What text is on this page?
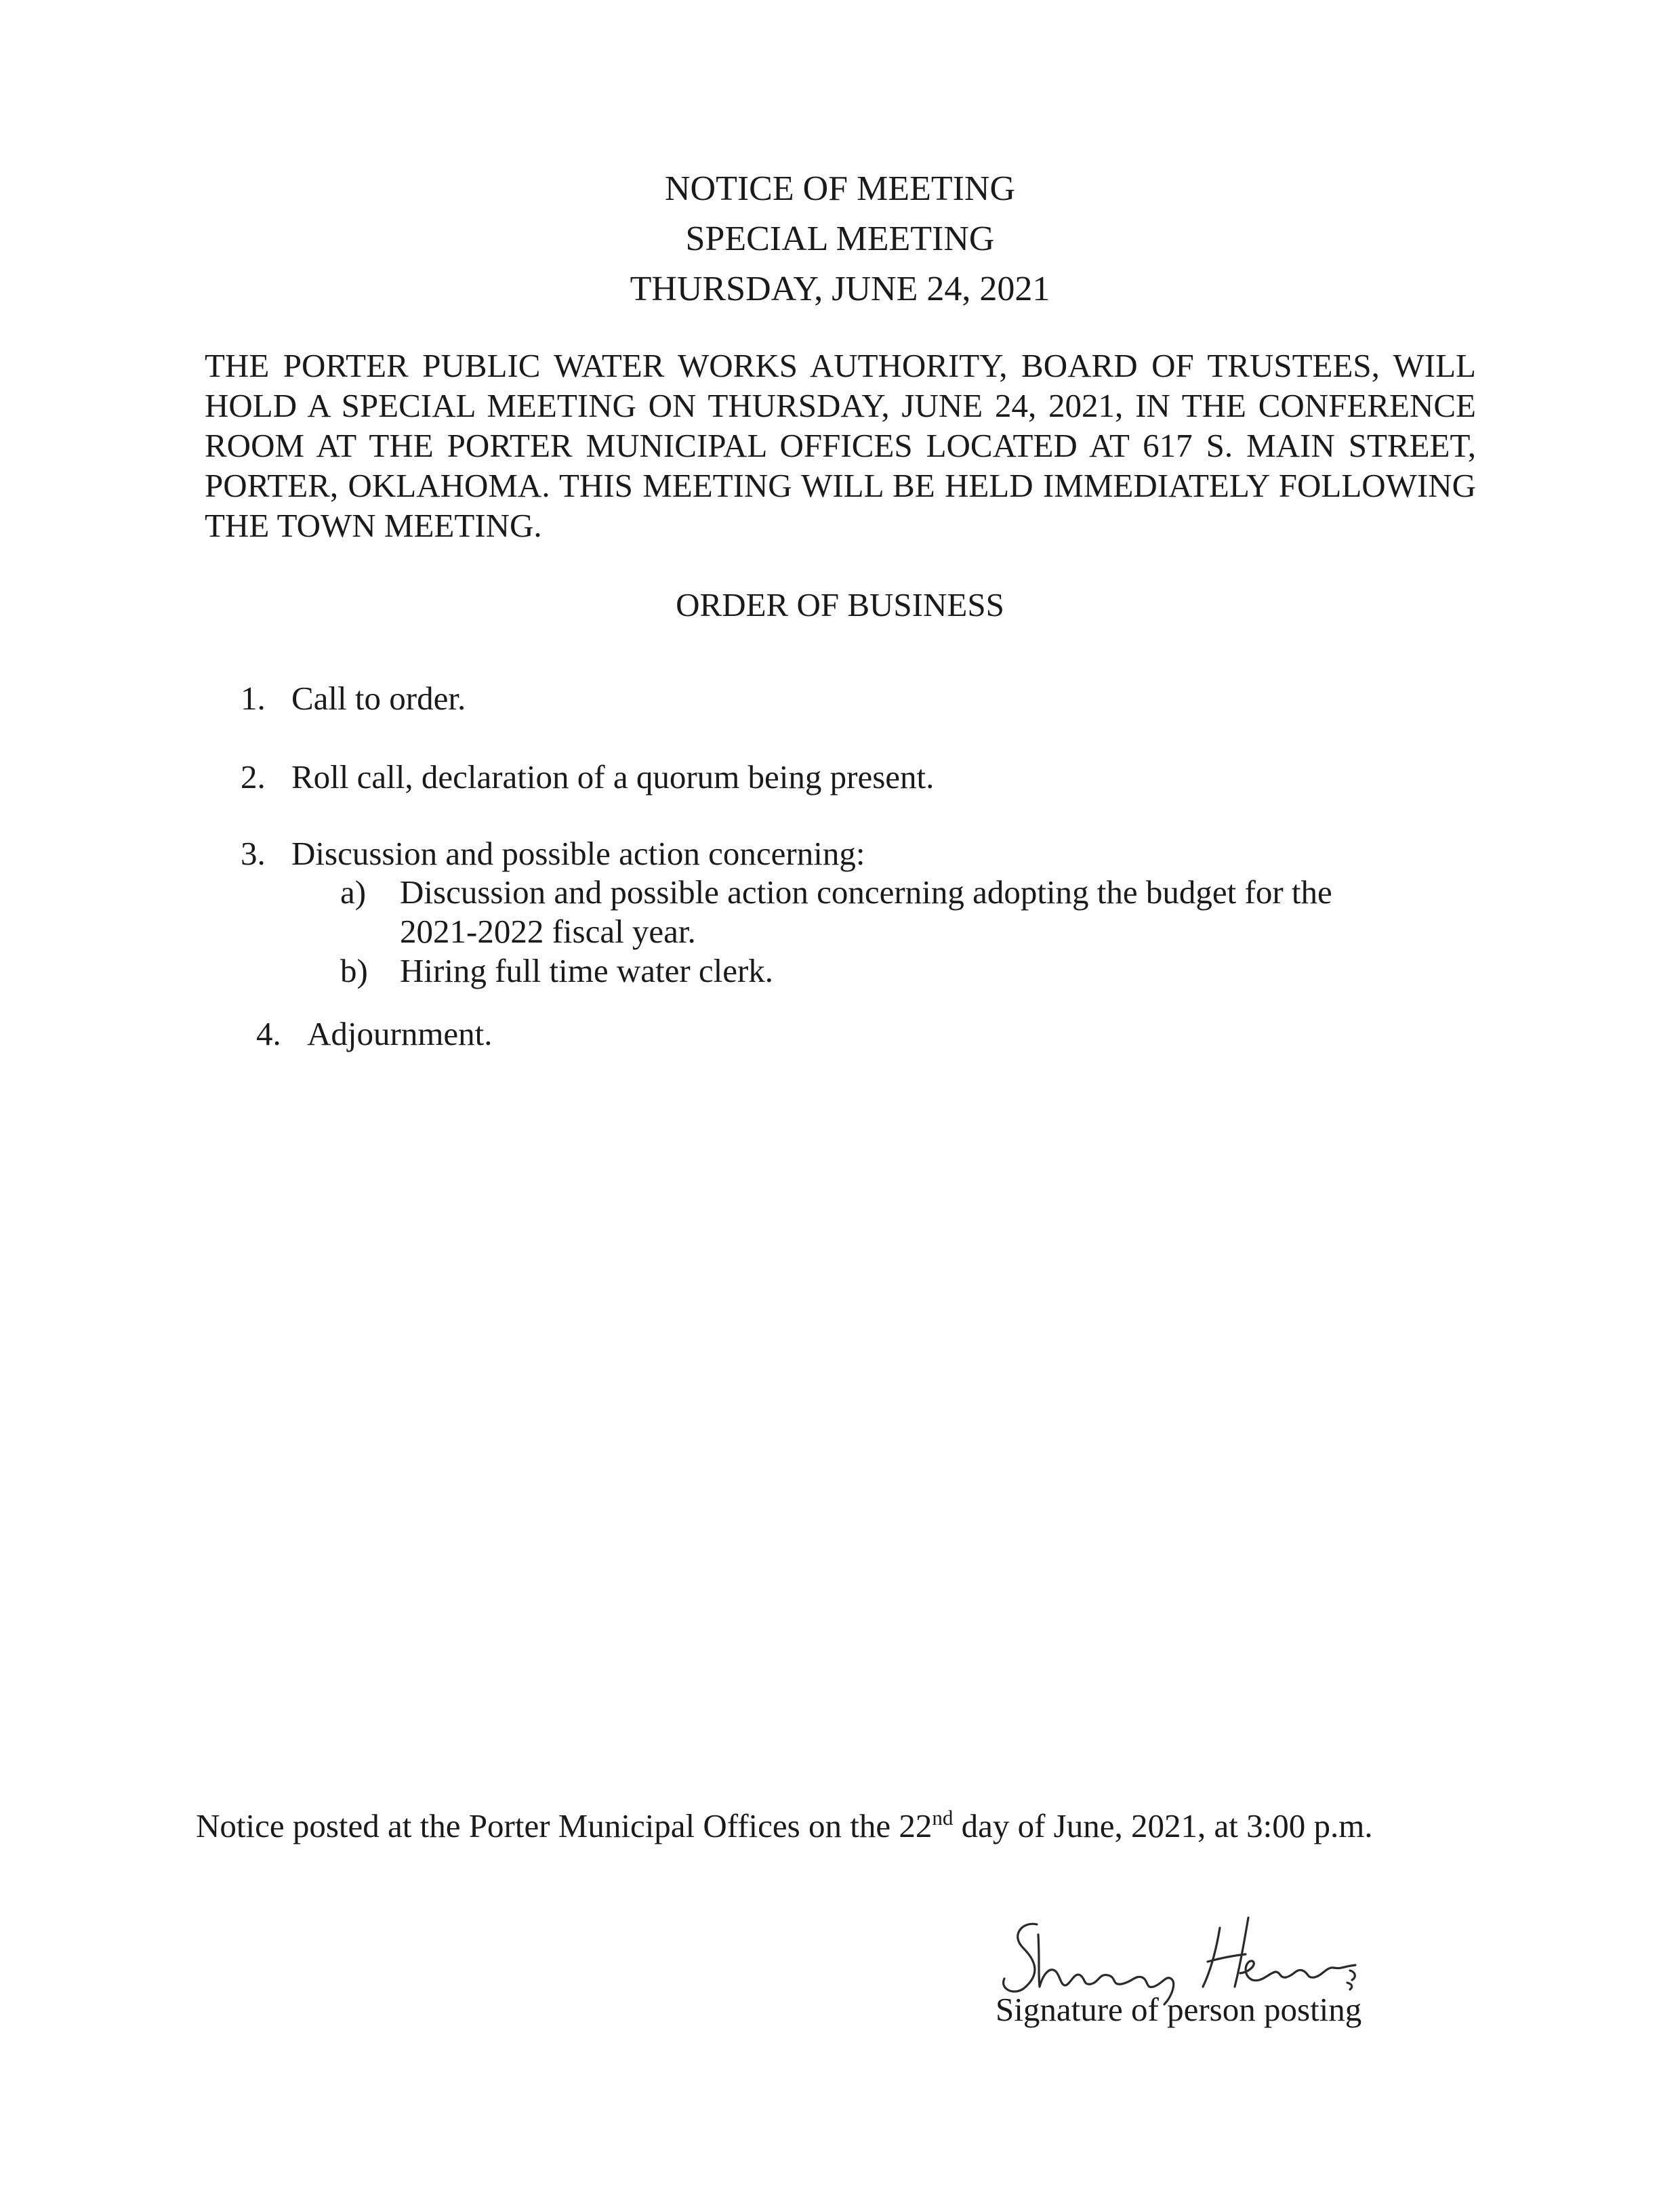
NOTICE OF MEETING
SPECIAL MEETING
THURSDAY, JUNE 24, 2021
THE PORTER PUBLIC WATER WORKS AUTHORITY, BOARD OF TRUSTEES, WILL HOLD A SPECIAL MEETING ON THURSDAY, JUNE 24, 2021, IN THE CONFERENCE ROOM AT THE PORTER MUNICIPAL OFFICES LOCATED AT 617 S. MAIN STREET, PORTER, OKLAHOMA. THIS MEETING WILL BE HELD IMMEDIATELY FOLLOWING THE TOWN MEETING.
ORDER OF BUSINESS
1. Call to order.
2. Roll call, declaration of a quorum being present.
3. Discussion and possible action concerning:
a) Discussion and possible action concerning adopting the budget for the
2021-2022 fiscal year.
b) Hiring full time water clerk.
4. Adjournment.
Notice posted at the Porter Municipal Offices on the 22nd day of June, 2021, at 3:00 p.m.
Signature of person posting
